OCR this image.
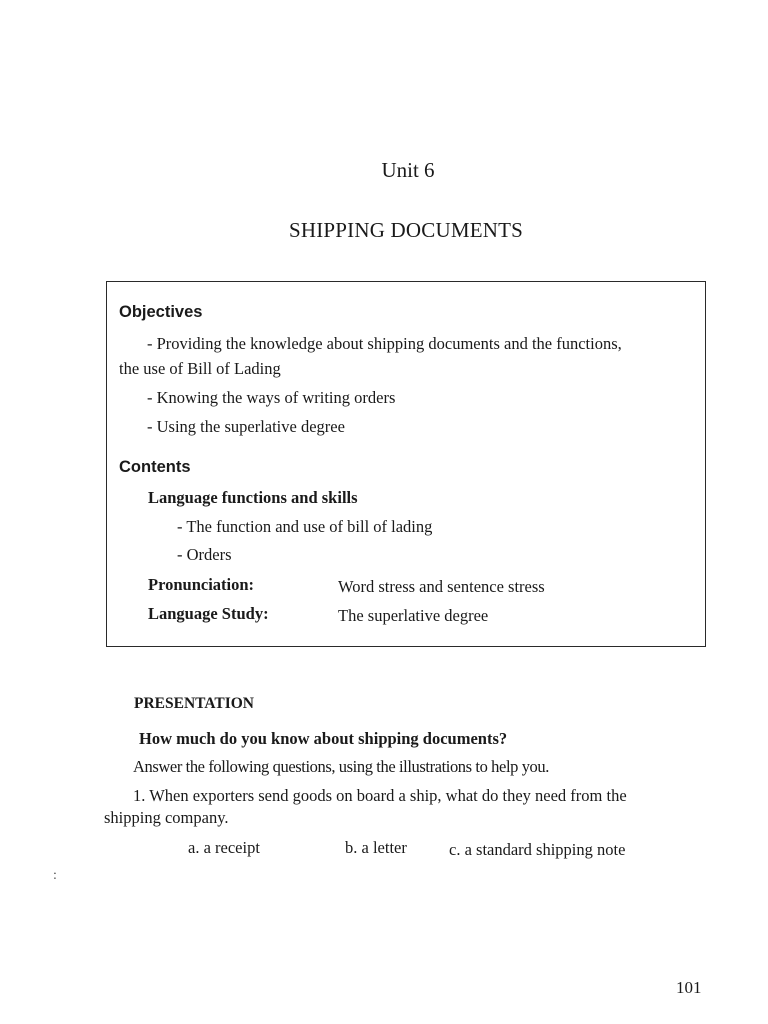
Unit 6
SHIPPING DOCUMENTS
Objectives
- Providing the knowledge about shipping documents and the functions,
the use of Bill of Lading
- Knowing the ways of writing orders
- Using the superlative degree
Contents
Language functions and skills
- The function and use of bill of lading
- Orders
Pronunciation:	Word stress and sentence stress
Language Study:	The superlative degree
PRESENTATION
How much do you know about shipping documents?
Answer the following questions, using the illustrations to help you.
1. When exporters send goods on board a ship, what do they need from the
shipping company.
a. a receipt	b. a letter	c. a standard shipping note
:
101
